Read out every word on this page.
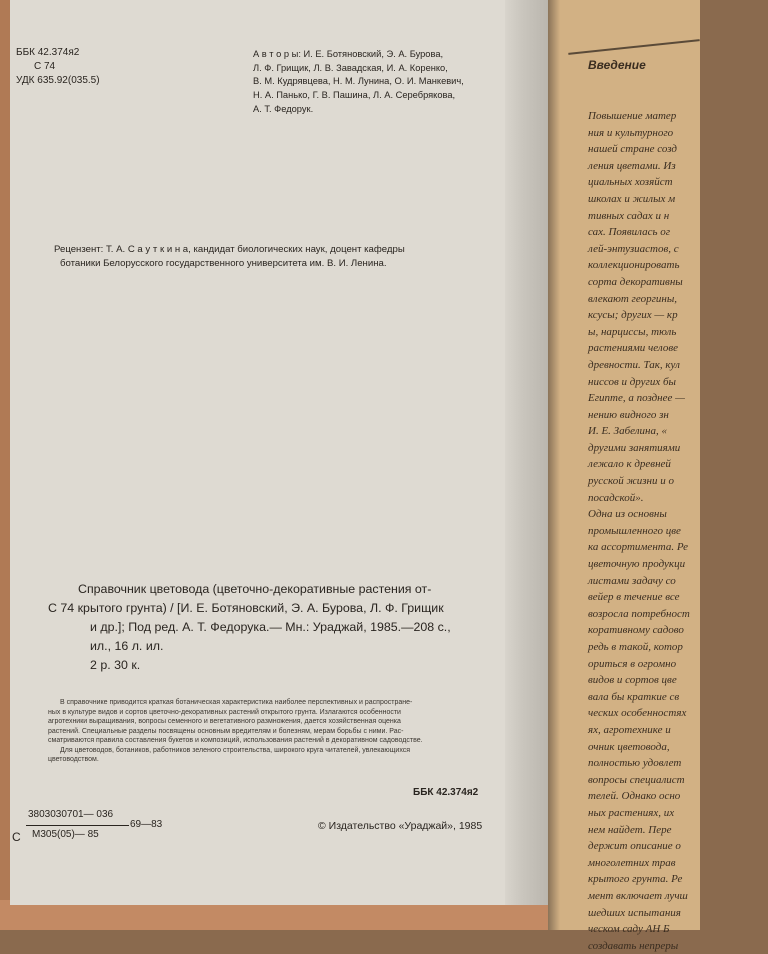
ББК 42.374я2
С 74
УДК 635.92(035.5)
А в т о р ы: И. Е. Ботяновский, Э. А. Бурова,
Л. Ф. Грищик, Л. В. Завадская, И. А. Коренко,
В. М. Кудрявцева, Н. М. Лунина, О. И. Манкевич,
Н. А. Панько, Г. В. Пашина, Л. А. Серебрякова,
А. Т. Федорук.
Рецензент: Т. А. С а у т к и н а, кандидат биологических наук, доцент кафедры
ботаники Белорусского государственного университета им. В. И. Ленина.
Справочник цветовода (цветочно-декоративные растения от-
С 74 крытого грунта) / [И. Е. Ботяновский, Э. А. Бурова, Л. Ф. Грищик
и др.]; Под ред. А. Т. Федорука.— Мн.: Ураджай, 1985.—208 с.,
ил., 16 л. ил.
2 р. 30 к.
В справочнике приводится краткая ботаническая характеристика наиболее перспективных и распростране-
ных в культуре видов и сортов цветочно-декоративных растений открытого грунта. Излагаются особенности
агротехники выращивания, вопросы семенного и вегетативного размножения, дается хозяйственная оценка
растений. Специальные разделы посвящены основным вредителям и болезням, мерам борьбы с ними. Рас-
сматриваются правила составления букетов и композиций, использования растений в декоративном садоводстве.
Для цветоводов, ботаников, работников зеленого строительства, широкого круга читателей, увлекающихся
цветоводством.
С
3803030701— 036
69—83
М305(05)— 85
ББК 42.374я2
© Издательство «Ураджай», 1985
Введение
Повышение матер
ния и культурного
нашей стране созд
ления цветами. Из
циальных хозяйст
школах и жилых м
тивных садах и н
сах. Появилась ог
лей-энтузиастов, с
коллекционировать
сорта декоративны
влекают георгины,
ксусы; других — кр
ы, нарциссы, тюль
растениями челове
древности. Так, кул
ниссов и других бы
Египте, а позднее —
нению видного зн
И. Е. Забелина, «
другими занятиями
лежало к древней
русской жизни и о
посадской».
Одна из основны
промышленного цве
ка ассортимента. Ре
цветочную продукци
листами задачу со
вейер в течение все
возросла потребност
коративному садово
редь в такой, котор
ориться в огромно
видов и сортов цве
вала бы краткие св
ческих особенностях
ях, агротехнике и
очник цветовода,
полностью удовлет
вопросы специалист
телей. Однако осно
ных растениях, их
нем найдет. Пере
держит описание о
многолетних трав
крытого грунта. Ре
мент включает лучш
шедших испытания
ческом саду АН Б
создавать непреры
